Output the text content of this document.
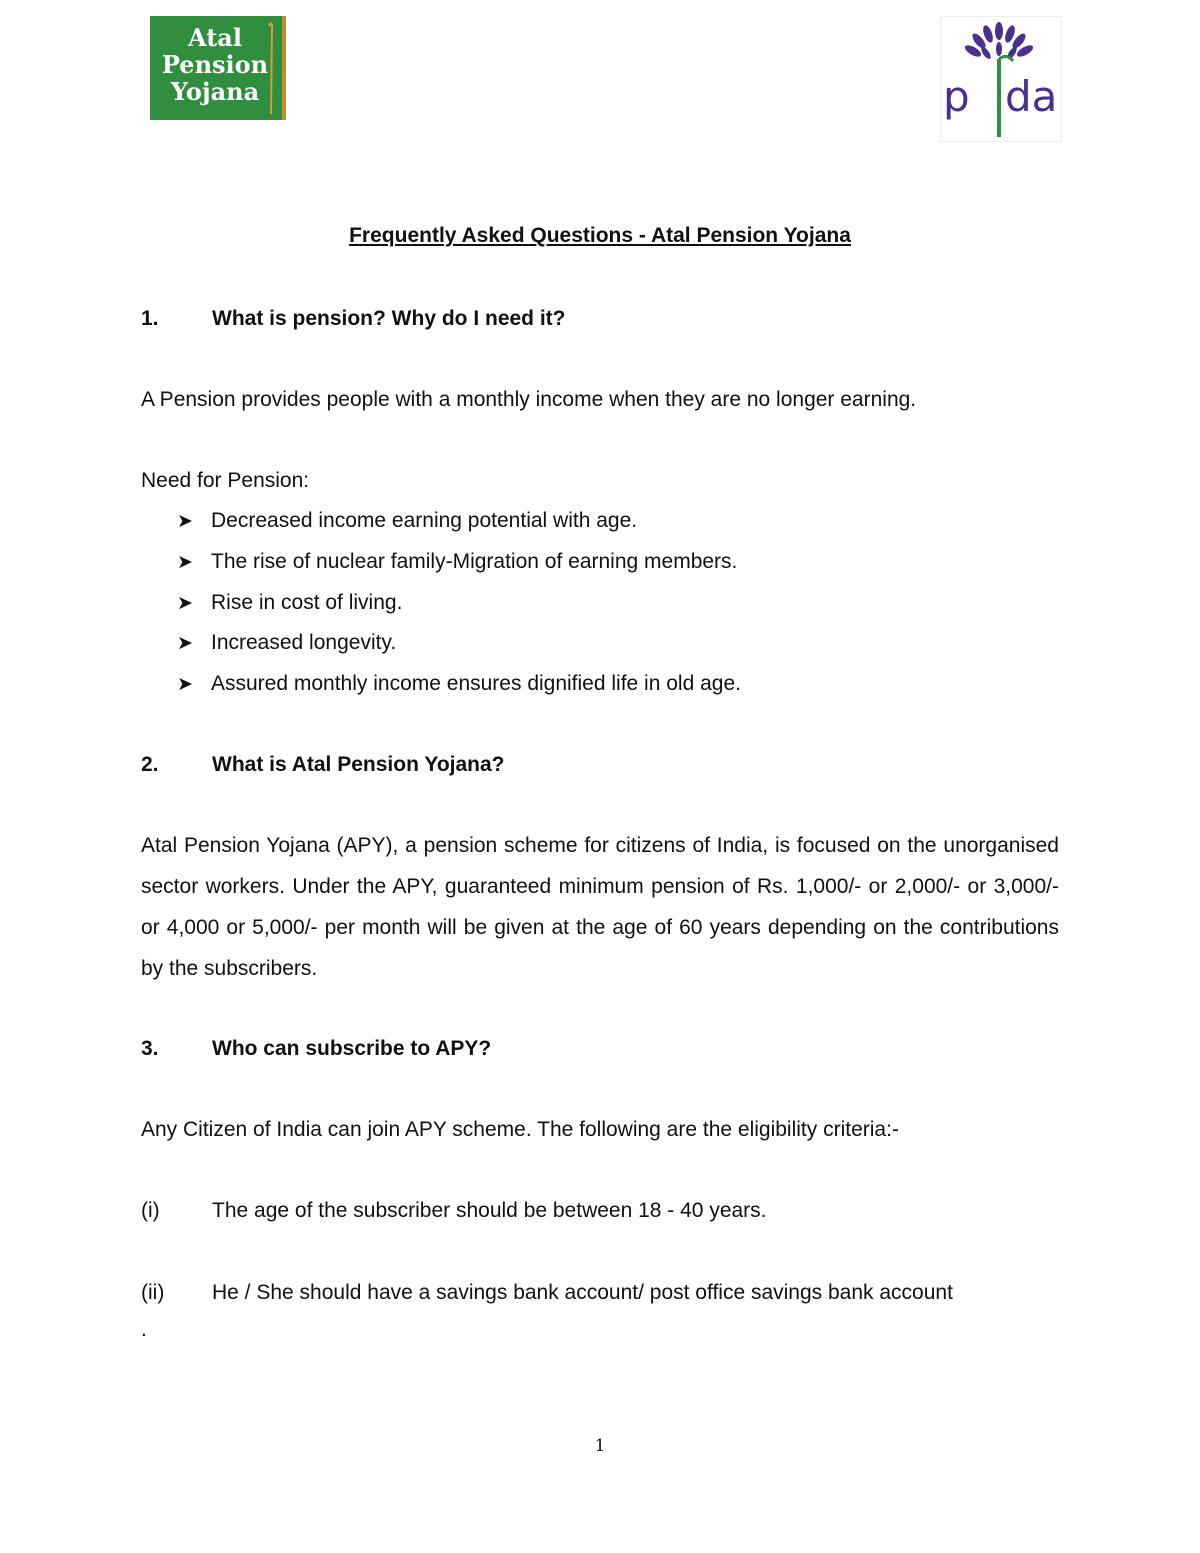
Atal
Pension
Yojana	p da
Frequently Asked Questions - Atal Pension Yojana
1.	What is pension? Why do I need it?

A Pension provides people with a monthly income when they are no longer earning.

Need for Pension:

➤ Decreased income earning potential with age.
➤ The rise of nuclear family-Migration of earning members.
➤ Rise in cost of living.
➤ Increased longevity.
➤ Assured monthly income ensures dignified life in old age.
2.	What is Atal Pension Yojana?

Atal Pension Yojana (APY), a pension scheme for citizens of India, is focused on the unorganised sector workers. Under the APY, guaranteed minimum pension of Rs. 1,000/- or 2,000/- or 3,000/- or 4,000 or 5,000/- per month will be given at the age of 60 years depending on the contributions by the subscribers.

3.	Who can subscribe to APY?

Any Citizen of India can join APY scheme. The following are the eligibility criteria:-

(i) The age of the subscriber should be between 18 - 40 years.
(ii) He / She should have a savings bank account/ post office savings bank account

.

1
